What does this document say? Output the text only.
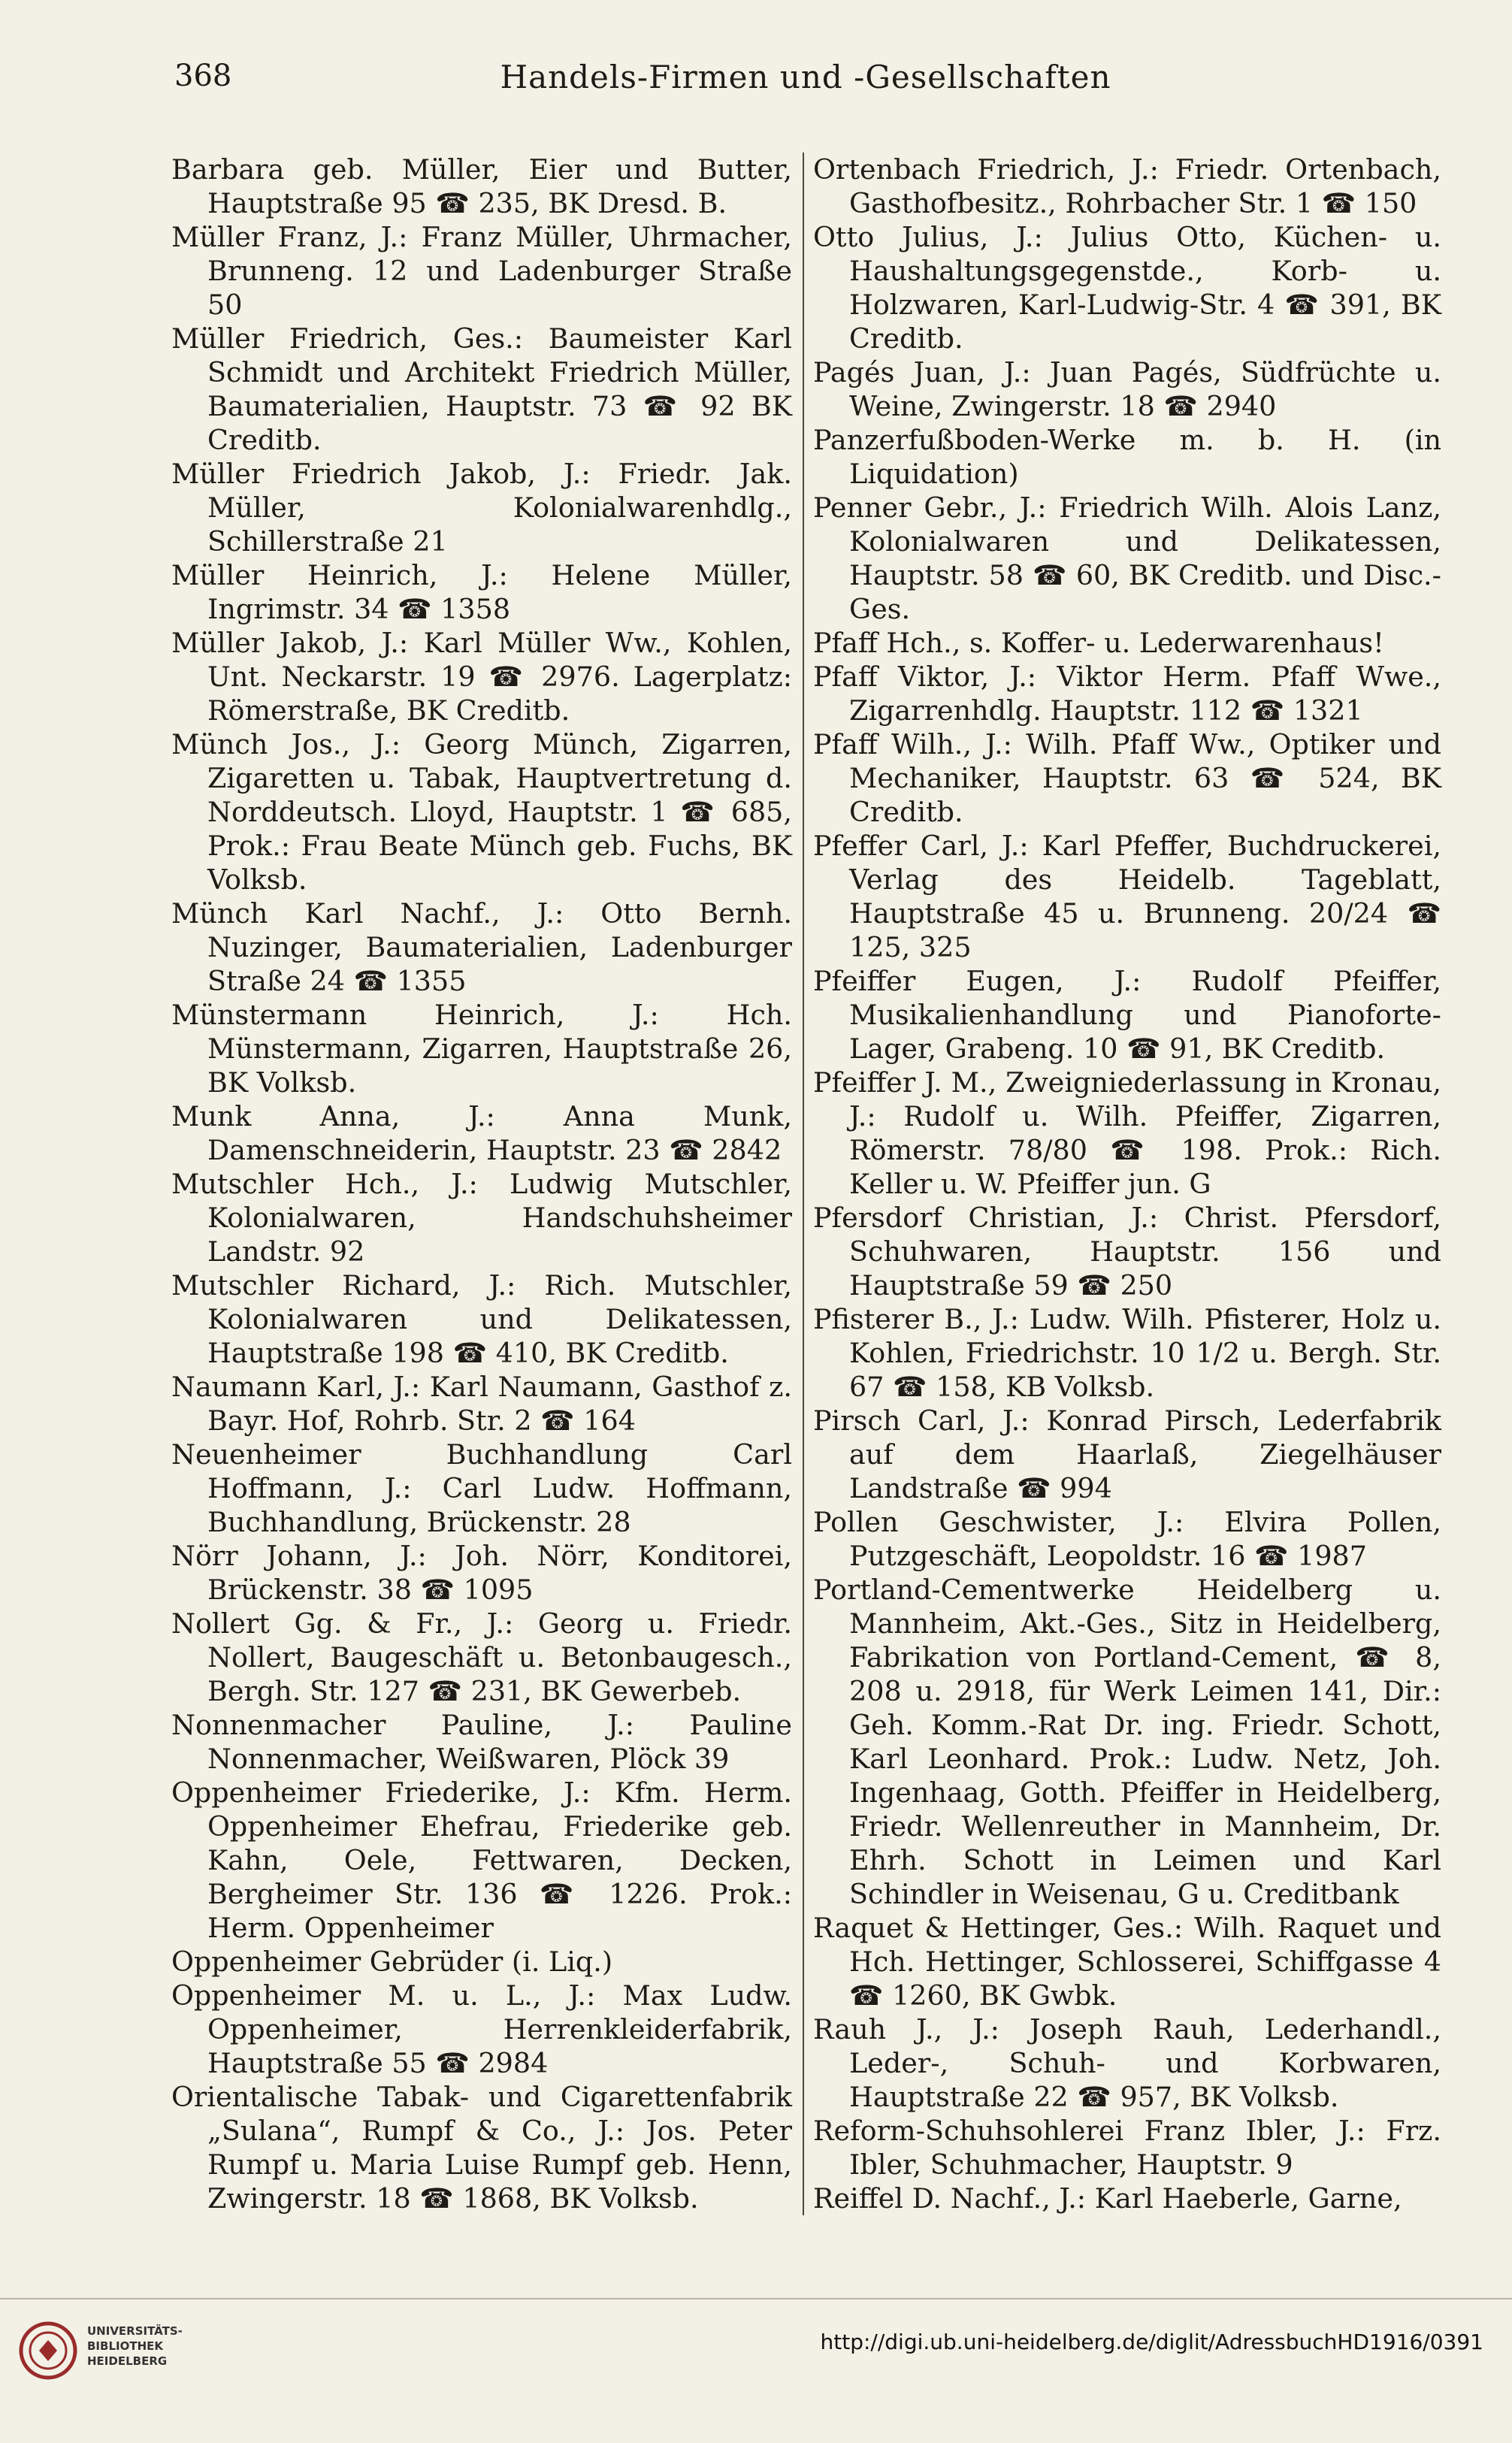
368	Handels-Firmen und -Gesellschaften

Barbara geb. Müller, Eier und Butter, Hauptstraße 95 ☎ 235, BK Dresd. B.

Müller Franz, J.: Franz Müller, Uhrmacher, Brunneng. 12 und Ladenburger Straße 50

Müller Friedrich, Ges.: Baumeister Karl Schmidt und Architekt Friedrich Müller, Baumaterialien, Hauptstr. 73 ☎ 92 BK Creditb.

Müller Friedrich Jakob, J.: Friedr. Jak. Müller, Kolonialwarenhdlg., Schillerstraße 21

Müller Heinrich, J.: Helene Müller, Ingrimstr. 34 ☎ 1358

Müller Jakob, J.: Karl Müller Ww., Kohlen, Unt. Neckarstr. 19 ☎ 2976. Lagerplatz: Römerstraße, BK Creditb.

Münch Jos., J.: Georg Münch, Zigarren, Zigaretten u. Tabak, Hauptvertretung d. Norddeutsch. Lloyd, Hauptstr. 1 ☎ 685, Prok.: Frau Beate Münch geb. Fuchs, BK Volksb.

Münch Karl Nachf., J.: Otto Bernh. Nuzinger, Baumaterialien, Ladenburger Straße 24 ☎ 1355

Münstermann Heinrich, J.: Hch. Münstermann, Zigarren, Hauptstraße 26, BK Volksb.

Munk Anna, J.: Anna Munk, Damenschneiderin, Hauptstr. 23 ☎ 2842

Mutschler Hch., J.: Ludwig Mutschler, Kolonialwaren, Handschuhsheimer Landstr. 92

Mutschler Richard, J.: Rich. Mutschler, Kolonialwaren und Delikatessen, Hauptstraße 198 ☎ 410, BK Creditb.

Naumann Karl, J.: Karl Naumann, Gasthof z. Bayr. Hof, Rohrb. Str. 2 ☎ 164

Neuenheimer Buchhandlung Carl Hoffmann, J.: Carl Ludw. Hoffmann, Buchhandlung, Brückenstr. 28

Nörr Johann, J.: Joh. Nörr, Konditorei, Brückenstr. 38 ☎ 1095

Nollert Gg. & Fr., J.: Georg u. Friedr. Nollert, Baugeschäft u. Betonbaugesch., Bergh. Str. 127 ☎ 231, BK Gewerbeb.

Nonnenmacher Pauline, J.: Pauline Nonnenmacher, Weißwaren, Plöck 39

Oppenheimer Friederike, J.: Kfm. Herm. Oppenheimer Ehefrau, Friederike geb. Kahn, Oele, Fettwaren, Decken, Bergheimer Str. 136 ☎ 1226. Prok.: Herm. Oppenheimer

Oppenheimer Gebrüder (i. Liq.)

Oppenheimer M. u. L., J.: Max Ludw. Oppenheimer, Herrenkleiderfabrik, Hauptstraße 55 ☎ 2984

Orientalische Tabak- und Cigarettenfabrik „Sulana“, Rumpf & Co., J.: Jos. Peter Rumpf u. Maria Luise Rumpf geb. Henn, Zwingerstr. 18 ☎ 1868, BK Volksb.

Ortenbach Friedrich, J.: Friedr. Ortenbach, Gasthofbesitz., Rohrbacher Str. 1 ☎ 150

Otto Julius, J.: Julius Otto, Küchen- u. Haushaltungsgegenstde., Korb- u. Holzwaren, Karl-Ludwig-Str. 4 ☎ 391, BK Creditb.

Pagés Juan, J.: Juan Pagés, Südfrüchte u. Weine, Zwingerstr. 18 ☎ 2940

Panzerfußboden-Werke m. b. H. (in Liquidation)

Penner Gebr., J.: Friedrich Wilh. Alois Lanz, Kolonialwaren und Delikatessen, Hauptstr. 58 ☎ 60, BK Creditb. und Disc.-Ges.

Pfaff Hch., s. Koffer- u. Lederwarenhaus!

Pfaff Viktor, J.: Viktor Herm. Pfaff Wwe., Zigarrenhdlg. Hauptstr. 112 ☎ 1321

Pfaff Wilh., J.: Wilh. Pfaff Ww., Optiker und Mechaniker, Hauptstr. 63 ☎ 524, BK Creditb.

Pfeffer Carl, J.: Karl Pfeffer, Buchdruckerei, Verlag des Heidelb. Tageblatt, Hauptstraße 45 u. Brunneng. 20/24 ☎ 125, 325

Pfeiffer Eugen, J.: Rudolf Pfeiffer, Musikalienhandlung und Pianoforte-Lager, Grabeng. 10 ☎ 91, BK Creditb.

Pfeiffer J. M., Zweigniederlassung in Kronau, J.: Rudolf u. Wilh. Pfeiffer, Zigarren, Römerstr. 78/80 ☎ 198. Prok.: Rich. Keller u. W. Pfeiffer jun. G

Pfersdorf Christian, J.: Christ. Pfersdorf, Schuhwaren, Hauptstr. 156 und Hauptstraße 59 ☎ 250

Pfisterer B., J.: Ludw. Wilh. Pfisterer, Holz u. Kohlen, Friedrichstr. 10 1/2 u. Bergh. Str. 67 ☎ 158, KB Volksb.

Pirsch Carl, J.: Konrad Pirsch, Lederfabrik auf dem Haarlaß, Ziegelhäuser Landstraße ☎ 994

Pollen Geschwister, J.: Elvira Pollen, Putzgeschäft, Leopoldstr. 16 ☎ 1987

Portland-Cementwerke Heidelberg u. Mannheim, Akt.-Ges., Sitz in Heidelberg, Fabrikation von Portland-Cement, ☎ 8, 208 u. 2918, für Werk Leimen 141, Dir.: Geh. Komm.-Rat Dr. ing. Friedr. Schott, Karl Leonhard. Prok.: Ludw. Netz, Joh. Ingenhaag, Gotth. Pfeiffer in Heidelberg, Friedr. Wellenreuther in Mannheim, Dr. Ehrh. Schott in Leimen und Karl Schindler in Weisenau, G u. Creditbank

Raquet & Hettinger, Ges.: Wilh. Raquet und Hch. Hettinger, Schlosserei, Schiffgasse 4 ☎ 1260, BK Gwbk.

Rauh J., J.: Joseph Rauh, Lederhandl., Leder-, Schuh- und Korbwaren, Hauptstraße 22 ☎ 957, BK Volksb.

Reform-Schuhsohlerei Franz Ibler, J.: Frz. Ibler, Schuhmacher, Hauptstr. 9

Reiffel D. Nachf., J.: Karl Haeberle, Garne,

UNIVERSITÄTS-
BIBLIOTHEK
HEIDELBERG
http://digi.ub.uni-heidelberg.de/diglit/AdressbuchHD1916/0391
